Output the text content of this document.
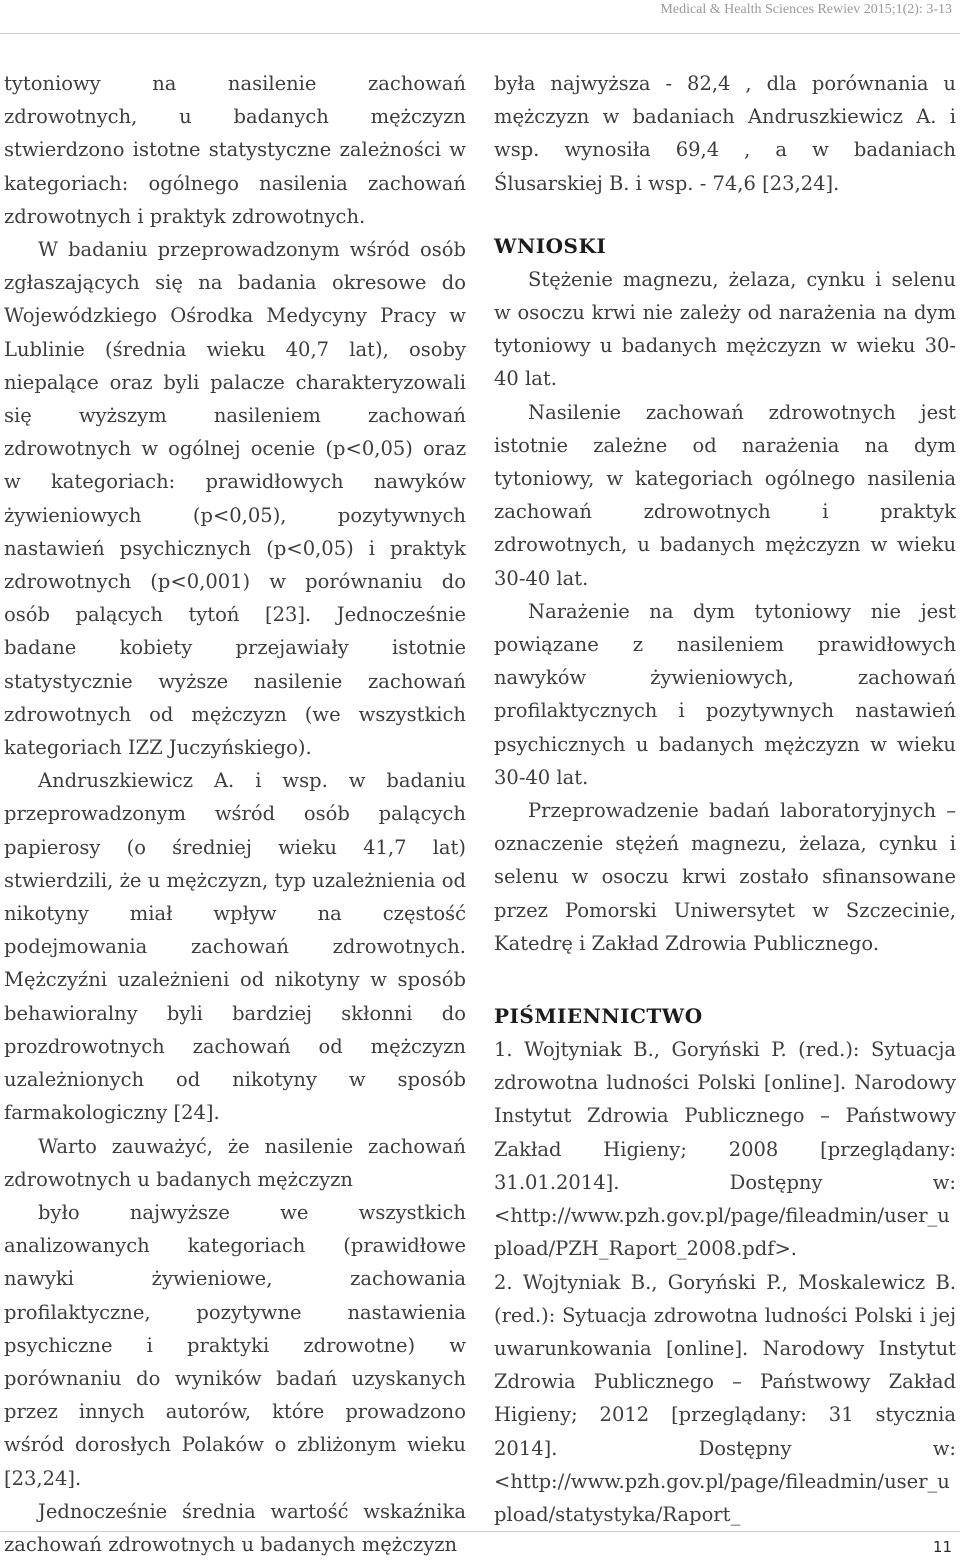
Medical & Health Sciences Rewiev 2015;1(2): 3-13

tytoniowy na nasilenie zachowań zdrowotnych, u badanych mężczyzn stwierdzono istotne statystyczne zależności w kategoriach: ogólnego nasilenia zachowań zdrowotnych i praktyk zdrowotnych.

W badaniu przeprowadzonym wśród osób zgłaszających się na badania okresowe do Wojewódzkiego Ośrodka Medycyny Pracy w Lublinie (średnia wieku 40,7 lat), osoby niepalące oraz byli palacze charakteryzowali się wyższym nasileniem zachowań zdrowotnych w ogólnej ocenie (p<0,05) oraz w kategoriach: prawidłowych nawyków żywieniowych (p<0,05), pozytywnych nastawień psychicznych (p<0,05) i praktyk zdrowotnych (p<0,001) w porównaniu do osób palących tytoń [23]. Jednocześnie badane kobiety przejawiały istotnie statystycznie wyższe nasilenie zachowań zdrowotnych od mężczyzn (we wszystkich kategoriach IZZ Juczyńskiego).

Andruszkiewicz A. i wsp. w badaniu przeprowadzonym wśród osób palących papierosy (o średniej wieku 41,7 lat) stwierdzili, że u mężczyzn, typ uzależnienia od nikotyny miał wpływ na częstość podejmowania zachowań zdrowotnych. Mężczyźni uzależnieni od nikotyny w sposób behawioralny byli bardziej skłonni do prozdrowotnych zachowań od mężczyzn uzależnionych od nikotyny w sposób farmakologiczny [24].

Warto zauważyć, że nasilenie zachowań zdrowotnych u badanych mężczyzn

było najwyższe we wszystkich analizowanych kategoriach (prawidłowe nawyki żywieniowe, zachowania profilaktyczne, pozytywne nastawienia psychiczne i praktyki zdrowotne) w porównaniu do wyników badań uzyskanych przez innych autorów, które prowadzono wśród dorosłych Polaków o zbliżonym wieku [23,24].

Jednocześnie średnia wartość wskaźnika zachowań zdrowotnych u badanych mężczyzn

była najwyższa - 82,4 , dla porównania u mężczyzn w badaniach Andruszkiewicz A. i wsp. wynosiła 69,4 , a w badaniach Ślusarskiej B. i wsp. - 74,6 [23,24].

WNIOSKI

Stężenie magnezu, żelaza, cynku i selenu w osoczu krwi nie zależy od narażenia na dym tytoniowy u badanych mężczyzn w wieku 30-40 lat.

Nasilenie zachowań zdrowotnych jest istotnie zależne od narażenia na dym tytoniowy, w kategoriach ogólnego nasilenia zachowań zdrowotnych i praktyk zdrowotnych, u badanych mężczyzn w wieku 30-40 lat.

Narażenie na dym tytoniowy nie jest powiązane z nasileniem prawidłowych nawyków żywieniowych, zachowań profilaktycznych i pozytywnych nastawień psychicznych u badanych mężczyzn w wieku 30-40 lat.

Przeprowadzenie badań laboratoryjnych – oznaczenie stężeń magnezu, żelaza, cynku i selenu w osoczu krwi zostało sfinansowane przez Pomorski Uniwersytet w Szczecinie, Katedrę i Zakład Zdrowia Publicznego.

PIŚMIENNICTWO

1. Wojtyniak B., Goryński P. (red.): Sytuacja zdrowotna ludności Polski [online]. Narodowy Instytut Zdrowia Publicznego – Państwowy Zakład Higieny; 2008 [przeglądany: 31.01.2014]. Dostępny w: <http://www.pzh.gov.pl/page/fileadmin/user_upload/PZH_Raport_2008.pdf>.

2. Wojtyniak B., Goryński P., Moskalewicz B. (red.): Sytuacja zdrowotna ludności Polski i jej uwarunkowania [online]. Narodowy Instytut Zdrowia Publicznego – Państwowy Zakład Higieny; 2012 [przeglądany: 31 stycznia 2014]. Dostępny w:<http://www.pzh.gov.pl/page/fileadmin/user_upload/statystyka/Raport_

11
